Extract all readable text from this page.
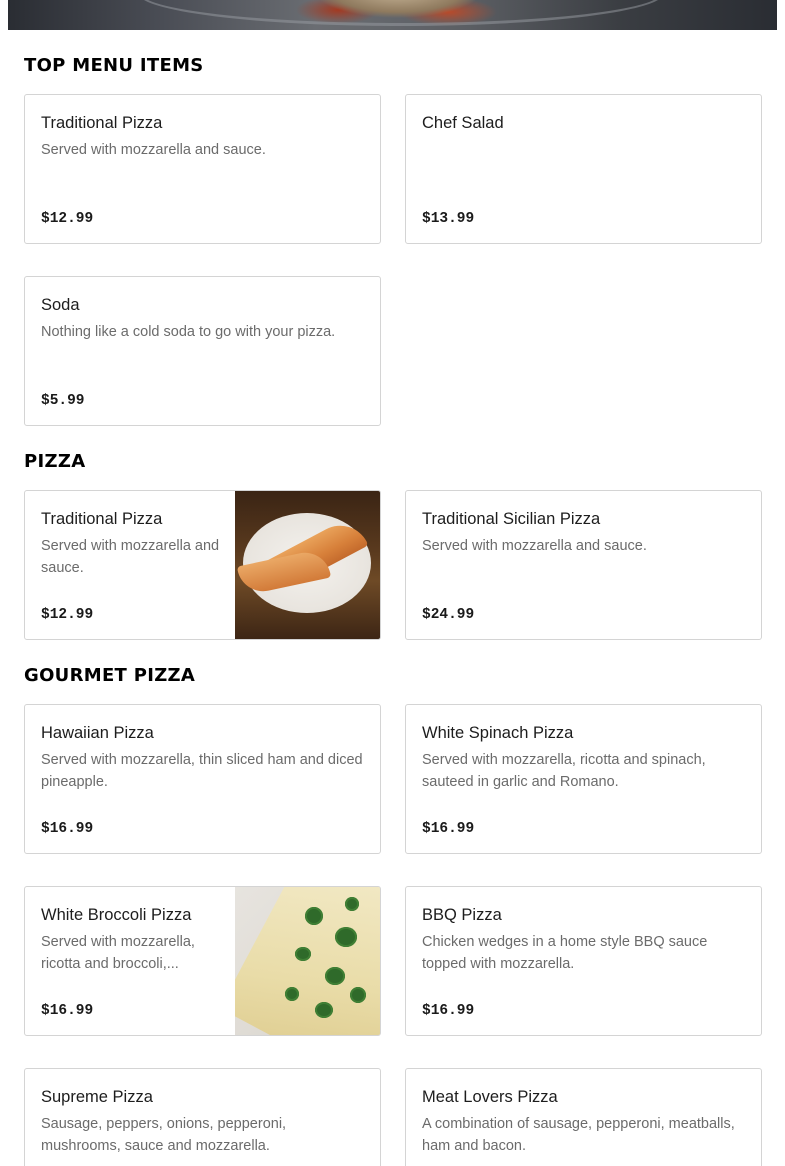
TOP MENU ITEMS
Traditional Pizza
Served with mozzarella and sauce.
$12.99
Chef Salad
$13.99
Soda
Nothing like a cold soda to go with your pizza.
$5.99
PIZZA
Traditional Pizza
Served with mozzarella and sauce.
$12.99
Traditional Sicilian Pizza
Served with mozzarella and sauce.
$24.99
GOURMET PIZZA
Hawaiian Pizza
Served with mozzarella, thin sliced ham and diced pineapple.
$16.99
White Spinach Pizza
Served with mozzarella, ricotta and spinach, sauteed in garlic and Romano.
$16.99
White Broccoli Pizza
Served with mozzarella, ricotta and broccoli,...
$16.99
BBQ Pizza
Chicken wedges in a home style BBQ sauce topped with mozzarella.
$16.99
Supreme Pizza
Sausage, peppers, onions, pepperoni, mushrooms, sauce and mozzarella.
Meat Lovers Pizza
A combination of sausage, pepperoni, meatballs, ham and bacon.
